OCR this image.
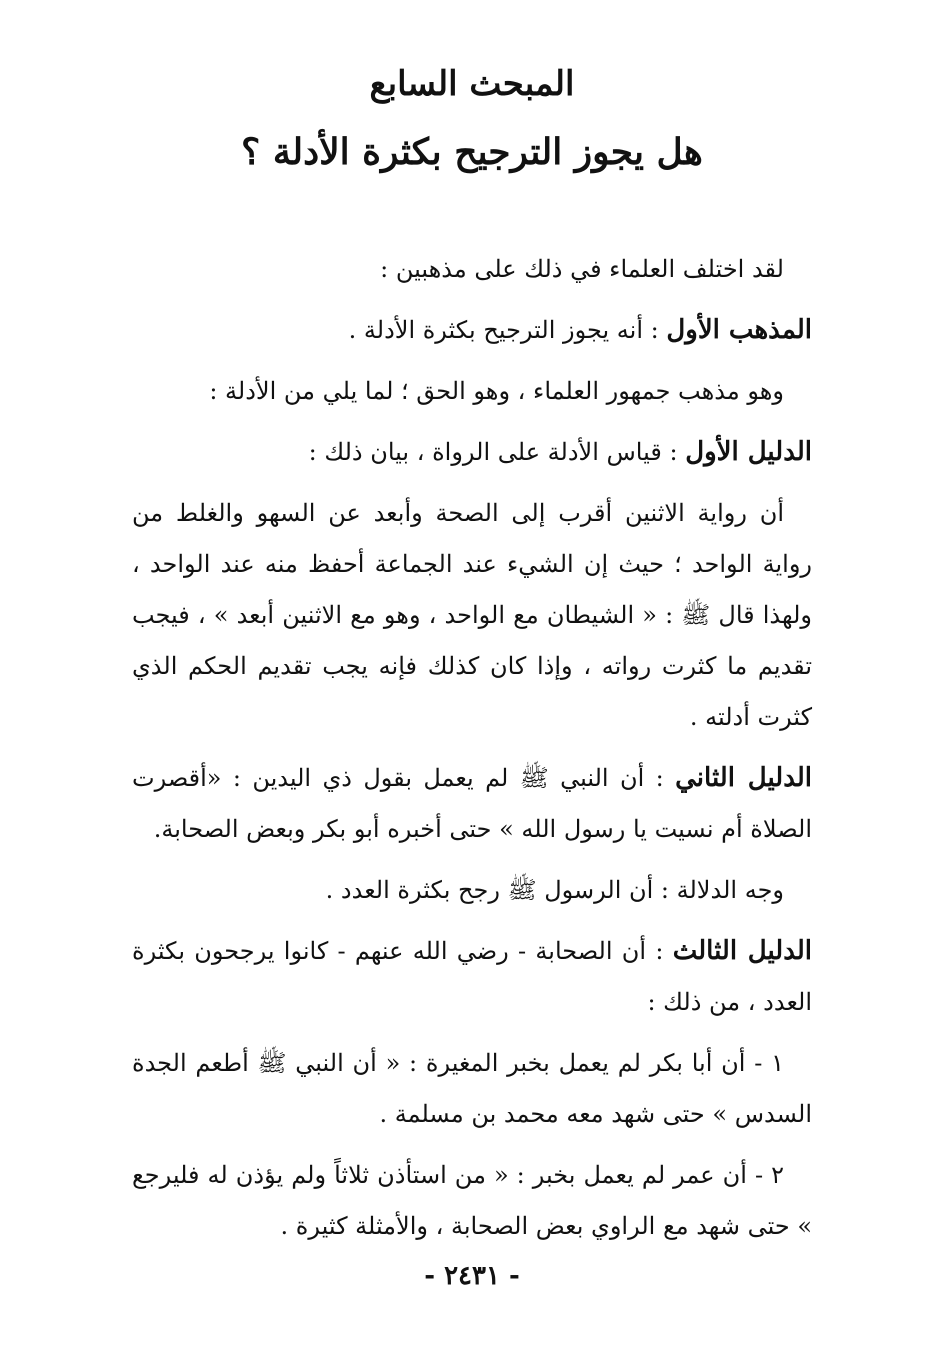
المبحث السابع
هل يجوز الترجيح بكثرة الأدلة ؟

لقد اختلف العلماء في ذلك على مذهبين :

المذهب الأول : أنه يجوز الترجيح بكثرة الأدلة .

وهو مذهب جمهور العلماء ، وهو الحق ؛ لما يلي من الأدلة :

الدليل الأول : قياس الأدلة على الرواة ، بيان ذلك :

أن رواية الاثنين أقرب إلى الصحة وأبعد عن السهو والغلط من رواية الواحد ؛ حيث إن الشيء عند الجماعة أحفظ منه عند الواحد ، ولهذا قال ﷺ : « الشيطان مع الواحد ، وهو مع الاثنين أبعد » ، فيجب تقديم ما كثرت رواته ، وإذا كان كذلك فإنه يجب تقديم الحكم الذي كثرت أدلته .

الدليل الثاني : أن النبي ﷺ لم يعمل بقول ذي اليدين : «أقصرت الصلاة أم نسيت يا رسول الله » حتى أخبره أبو بكر وبعض الصحابة.

وجه الدلالة : أن الرسول ﷺ رجح بكثرة العدد .

الدليل الثالث : أن الصحابة - رضي الله عنهم - كانوا يرجحون بكثرة العدد ، من ذلك :

١ - أن أبا بكر لم يعمل بخبر المغيرة : « أن النبي ﷺ أطعم الجدة السدس » حتى شهد معه محمد بن مسلمة .

٢ - أن عمر لم يعمل بخبر : « من استأذن ثلاثاً ولم يؤذن له فليرجع » حتى شهد مع الراوي بعض الصحابة ، والأمثلة كثيرة .

- ٢٤٣١ -
